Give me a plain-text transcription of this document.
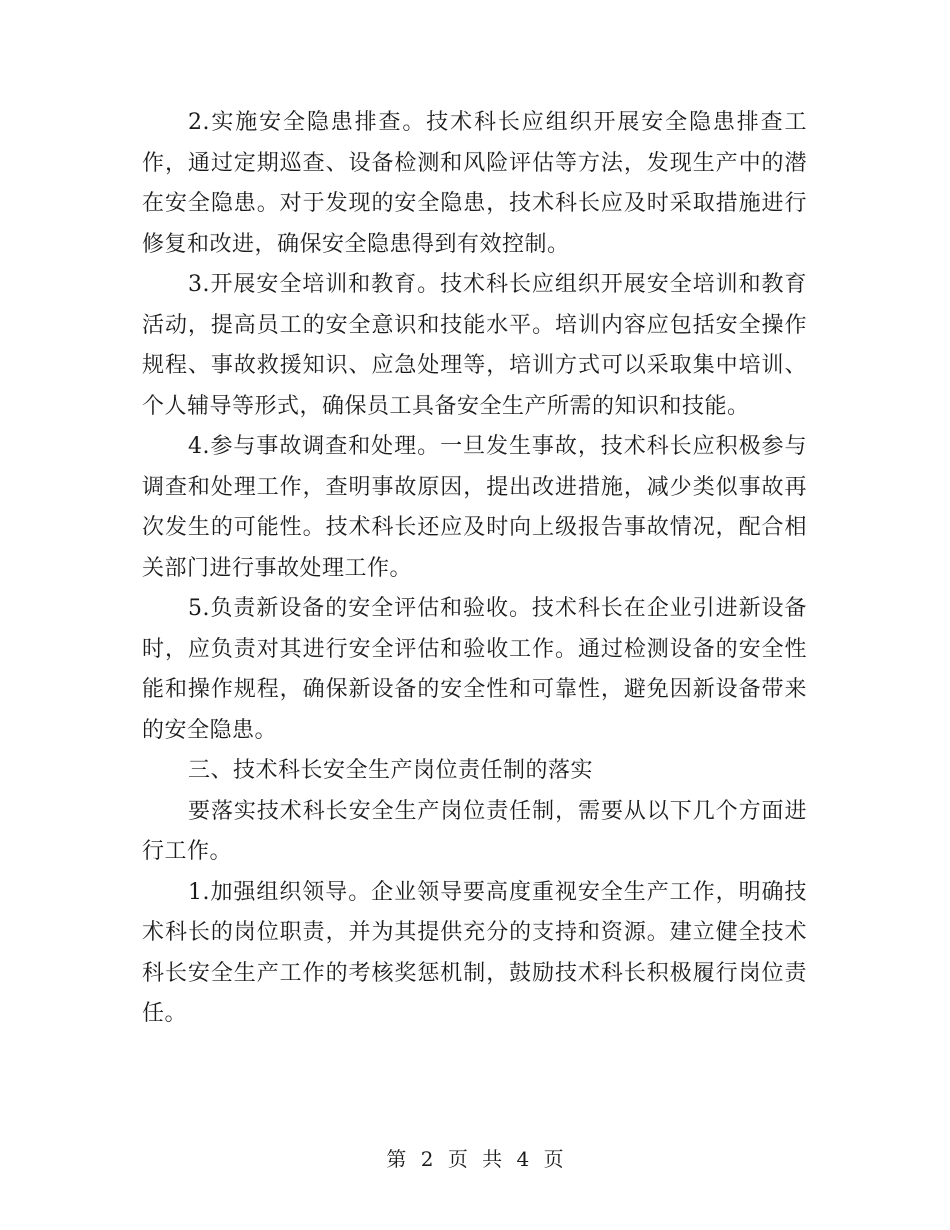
2.实施安全隐患排查。技术科长应组织开展安全隐患排查工作，通过定期巡查、设备检测和风险评估等方法，发现生产中的潜在安全隐患。对于发现的安全隐患，技术科长应及时采取措施进行修复和改进，确保安全隐患得到有效控制。

3.开展安全培训和教育。技术科长应组织开展安全培训和教育活动，提高员工的安全意识和技能水平。培训内容应包括安全操作规程、事故救援知识、应急处理等，培训方式可以采取集中培训、个人辅导等形式，确保员工具备安全生产所需的知识和技能。

4.参与事故调查和处理。一旦发生事故，技术科长应积极参与调查和处理工作，查明事故原因，提出改进措施，减少类似事故再次发生的可能性。技术科长还应及时向上级报告事故情况，配合相关部门进行事故处理工作。

5.负责新设备的安全评估和验收。技术科长在企业引进新设备时，应负责对其进行安全评估和验收工作。通过检测设备的安全性能和操作规程，确保新设备的安全性和可靠性，避免因新设备带来的安全隐患。

三、技术科长安全生产岗位责任制的落实

要落实技术科长安全生产岗位责任制，需要从以下几个方面进行工作。

1.加强组织领导。企业领导要高度重视安全生产工作，明确技术科长的岗位职责，并为其提供充分的支持和资源。建立健全技术科长安全生产工作的考核奖惩机制，鼓励技术科长积极履行岗位责任。

第 2 页 共 4 页
